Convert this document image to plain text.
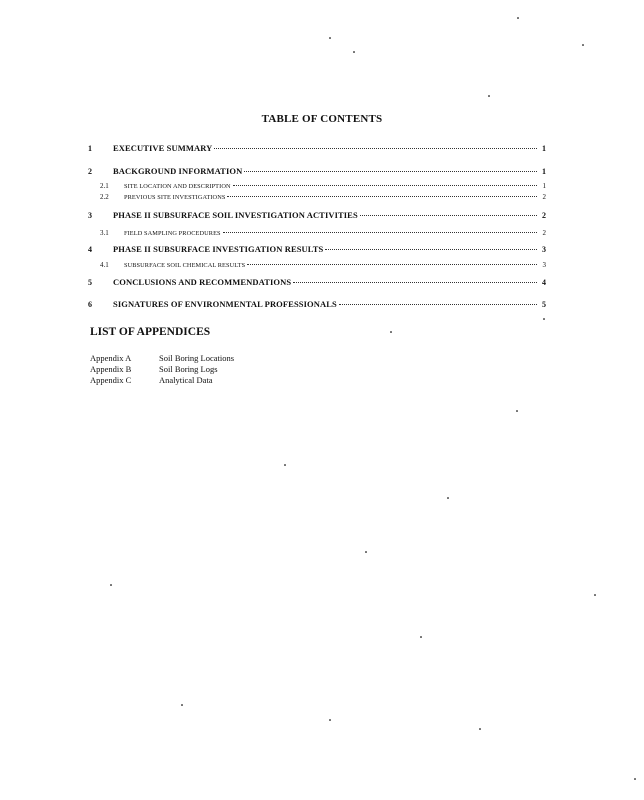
TABLE OF CONTENTS
1	EXECUTIVE SUMMARY	1
2	BACKGROUND INFORMATION	1
2.1	SITE LOCATION AND DESCRIPTION	1
2.2	PREVIOUS SITE INVESTIGATIONS	2
3	PHASE II SUBSURFACE SOIL INVESTIGATION ACTIVITIES	2
3.1	FIELD SAMPLING PROCEDURES	2
4	PHASE II SUBSURFACE INVESTIGATION RESULTS	3
4.1	SUBSURFACE SOIL CHEMICAL RESULTS	3
5	CONCLUSIONS AND RECOMMENDATIONS	4
6	SIGNATURES OF ENVIRONMENTAL PROFESSIONALS	5
LIST OF APPENDICES
Appendix A	Soil Boring Locations
Appendix B	Soil Boring Logs
Appendix C	Analytical Data
